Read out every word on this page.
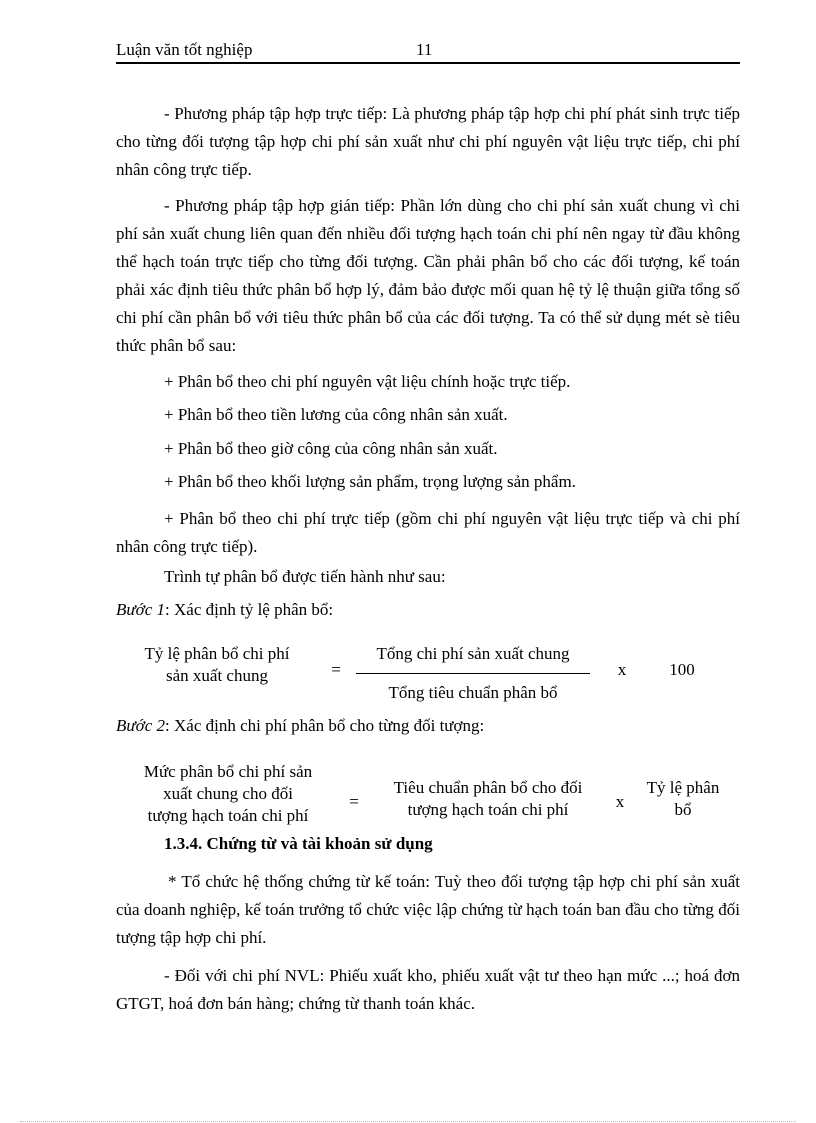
Luận văn tốt nghiệp	11
- Phương pháp tập hợp trực tiếp: Là phương pháp tập hợp chi phí phát sinh trực tiếp cho từng đối tượng tập hợp chi phí sản xuất như chi phí nguyên vật liệu trực tiếp, chi phí nhân công trực tiếp.
- Phương pháp tập hợp gián tiếp: Phần lớn dùng cho chi phí sản xuất chung vì chi phí sản xuất chung liên quan đến nhiều đối tượng hạch toán chi phí nên ngay từ đầu không thể hạch toán trực tiếp cho từng đối tượng. Cần phải phân bổ cho các đối tượng, kế toán phải xác định tiêu thức phân bổ hợp lý, đảm bảo được mối quan hệ tỷ lệ thuận giữa tổng số chi phí cần phân bổ với tiêu thức phân bổ của các đối tượng. Ta có thể sử dụng mét sè tiêu thức phân bổ sau:
+ Phân bổ theo chi phí nguyên vật liệu chính hoặc trực tiếp.
+ Phân bổ theo tiền lương của công nhân sản xuất.
+ Phân bổ theo giờ công của công nhân sản xuất.
+ Phân bổ theo khối lượng sản phẩm, trọng lượng sản phẩm.
+ Phân bổ theo chi phí trực tiếp (gồm chi phí nguyên vật liệu trực tiếp và chi phí nhân công trực tiếp).
Trình tự phân bổ được tiến hành như sau:
Bước 1: Xác định tỷ lệ phân bổ:
Tỷ lệ phân bổ chi phí
sản xuất chung	=
Tổng chi phí sản xuất chung
Tổng tiêu chuẩn phân bổ
x	100
Bước 2: Xác định chi phí phân bổ cho từng đối tượng:
Mức phân bổ chi phí sản
xuất chung cho đối
tượng hạch toán chi phí
=
Tiêu chuẩn phân bổ cho đối
tượng hạch toán chi phí	x
Tỷ lệ phân
bổ
1.3.4. Chứng từ và tài khoản sử dụng
* Tổ chức hệ thống chứng từ kế toán: Tuỳ theo đối tượng tập hợp chi phí sản xuất của doanh nghiệp, kế toán trưởng tổ chức việc lập chứng từ hạch toán ban đầu cho từng đối tượng tập hợp chi phí.
- Đối với chi phí NVL: Phiếu xuất kho, phiếu xuất vật tư theo hạn mức ...; hoá đơn GTGT, hoá đơn bán hàng; chứng từ thanh toán khác.
